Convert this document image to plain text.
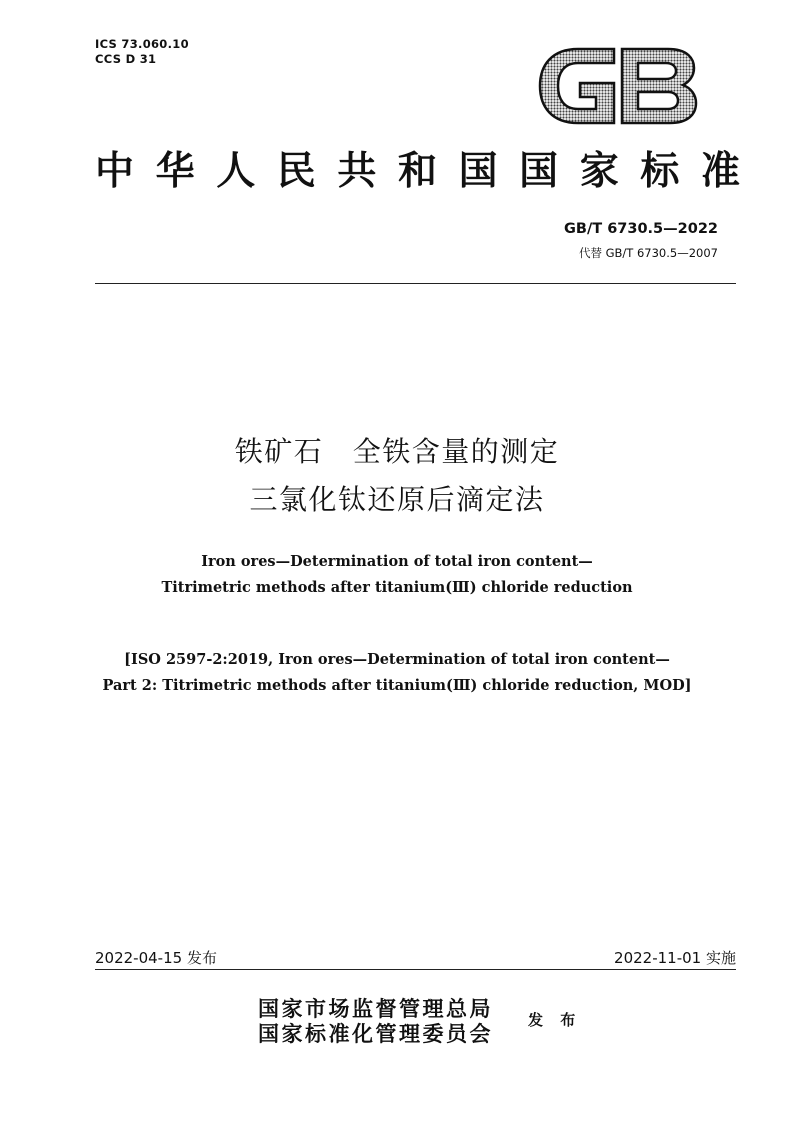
ICS 73.060.10
CCS D 31
中 华 人 民 共 和 国 国 家 标 准
GB/T 6730.5—2022
代替 GB/T 6730.5—2007
铁矿石　全铁含量的测定
三氯化钛还原后滴定法
Iron ores—Determination of total iron content—
Titrimetric methods after titanium(Ⅲ) chloride reduction
[ISO 2597-2:2019, Iron ores—Determination of total iron content—
Part 2: Titrimetric methods after titanium(Ⅲ) chloride reduction, MOD]
2022-04-15 发布	2022-11-01 实施
国家市场监督管理总局
国家标准化管理委员会
发 布
